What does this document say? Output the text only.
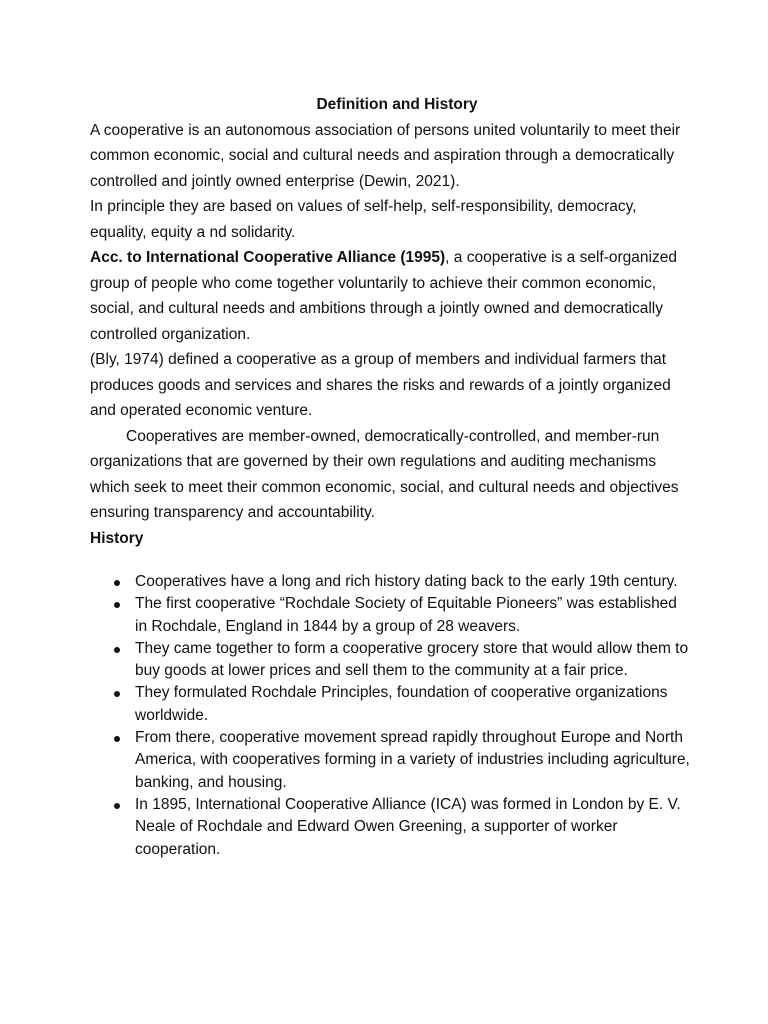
Definition and History

A cooperative is an autonomous association of persons united voluntarily to meet their common economic, social and cultural needs and aspiration through a democratically controlled and jointly owned enterprise (Dewin, 2021).

In principle they are based on values of self-help, self-responsibility, democracy, equality, equity a nd solidarity.

Acc. to International Cooperative Alliance (1995), a cooperative is a self-organized group of people who come together voluntarily to achieve their common economic, social, and cultural needs and ambitions through a jointly owned and democratically controlled organization.

(Bly, 1974) defined a cooperative as a group of members and individual farmers that produces goods and services and shares the risks and rewards of a jointly organized and operated economic venture.

Cooperatives are member-owned, democratically-controlled, and member-run organizations that are governed by their own regulations and auditing mechanisms which seek to meet their common economic, social, and cultural needs and objectives ensuring transparency and accountability.

History

Cooperatives have a long and rich history dating back to the early 19th century.
The first cooperative “Rochdale Society of Equitable Pioneers” was established in Rochdale, England in 1844 by a group of 28 weavers.
They came together to form a cooperative grocery store that would allow them to buy goods at lower prices and sell them to the community at a fair price.
They formulated Rochdale Principles, foundation of cooperative organizations worldwide.
From there, cooperative movement spread rapidly throughout Europe and North America, with cooperatives forming in a variety of industries including agriculture, banking, and housing.
In 1895, International Cooperative Alliance (ICA) was formed in London by E. V. Neale of Rochdale and Edward Owen Greening, a supporter of worker cooperation.
